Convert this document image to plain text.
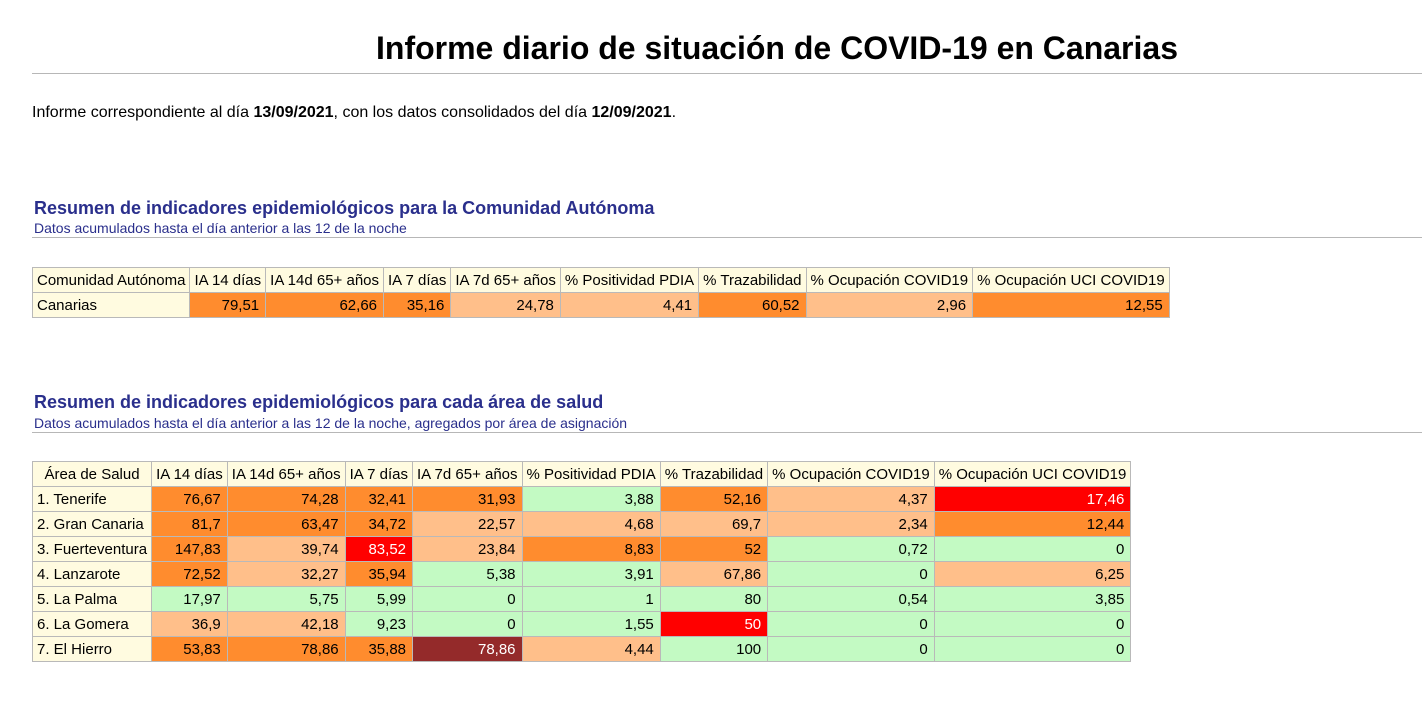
Informe diario de situación de COVID-19 en Canarias
Informe correspondiente al día 13/09/2021, con los datos consolidados del día 12/09/2021.
Resumen de indicadores epidemiológicos para la Comunidad Autónoma
Datos acumulados hasta el día anterior a las 12 de la noche
Comunidad Autónoma	IA 14 días	IA 14d 65+ años	IA 7 días	IA 7d 65+ años	% Positividad PDIA	% Trazabilidad	% Ocupación COVID19	% Ocupación UCI COVID19
Canarias	79,51	62,66	35,16	24,78	4,41	60,52	2,96	12,55
Resumen de indicadores epidemiológicos para cada área de salud
Datos acumulados hasta el día anterior a las 12 de la noche, agregados por área de asignación
Área de Salud	IA 14 días	IA 14d 65+ años	IA 7 días	IA 7d 65+ años	% Positividad PDIA	% Trazabilidad	% Ocupación COVID19	% Ocupación UCI COVID19
1. Tenerife	76,67	74,28	32,41	31,93	3,88	52,16	4,37	17,46
2. Gran Canaria	81,7	63,47	34,72	22,57	4,68	69,7	2,34	12,44
3. Fuerteventura	147,83	39,74	83,52	23,84	8,83	52	0,72	0
4. Lanzarote	72,52	32,27	35,94	5,38	3,91	67,86	0	6,25
5. La Palma	17,97	5,75	5,99	0	1	80	0,54	3,85
6. La Gomera	36,9	42,18	9,23	0	1,55	50	0	0
7. El Hierro	53,83	78,86	35,88	78,86	4,44	100	0	0
